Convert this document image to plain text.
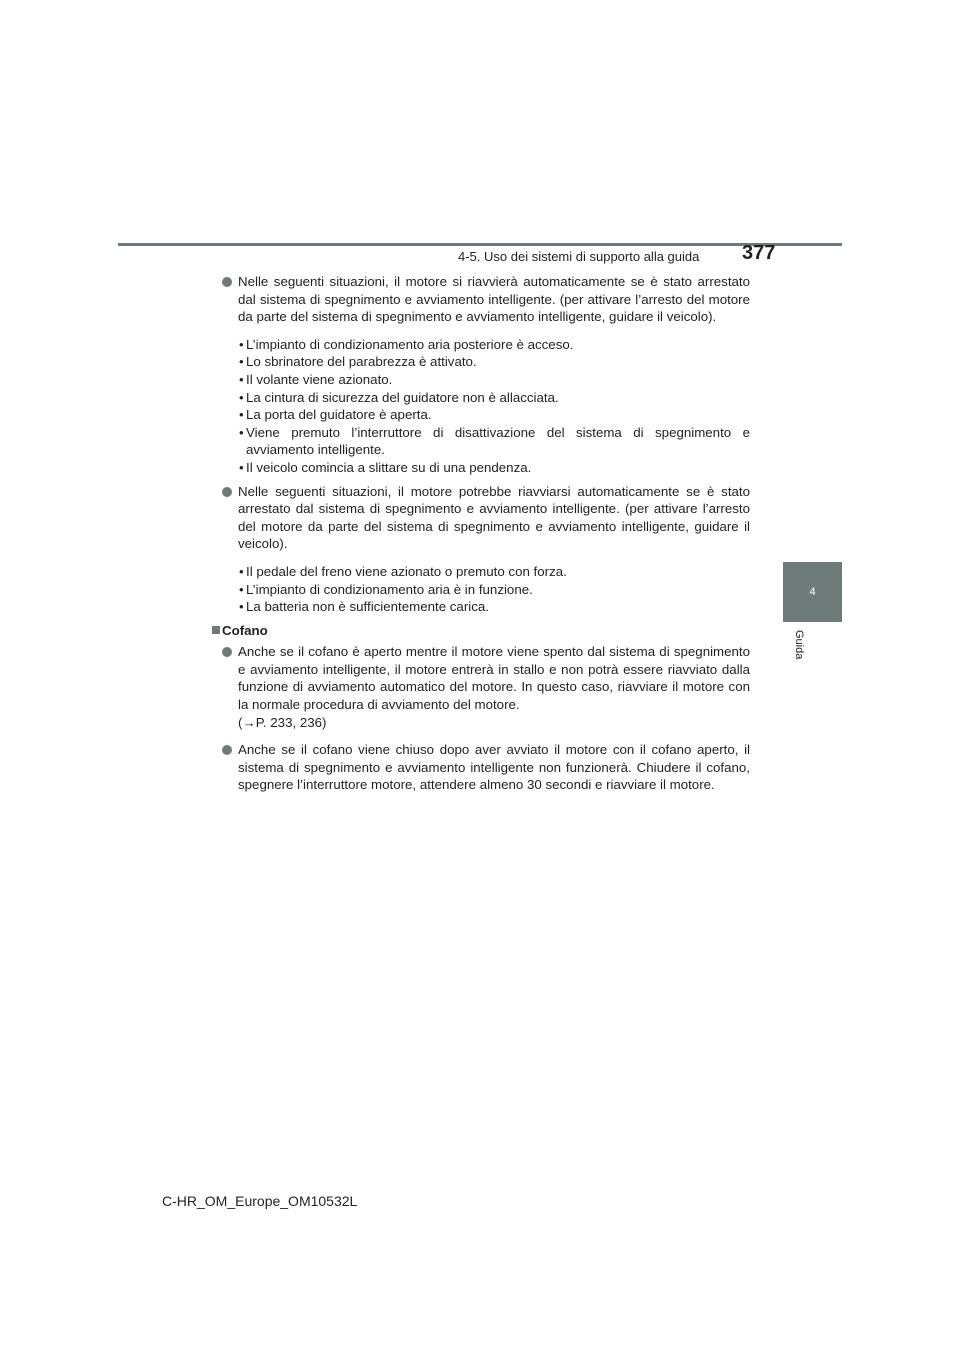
4-5. Uso dei sistemi di supporto alla guida 377
4
Guida

Nelle seguenti situazioni, il motore si riavvierà automaticamente se è stato arrestato dal sistema di spegnimento e avviamento intelligente. (per attivare l’arresto del motore da parte del sistema di spegnimento e avviamento intelligente, guidare il veicolo).

• L’impianto di condizionamento aria posteriore è acceso.
• Lo sbrinatore del parabrezza è attivato.
• Il volante viene azionato.
• La cintura di sicurezza del guidatore non è allacciata.
• La porta del guidatore è aperta.
• Viene premuto l’interruttore di disattivazione del sistema di spegnimento e avviamento intelligente.
• Il veicolo comincia a slittare su di una pendenza.

Nelle seguenti situazioni, il motore potrebbe riavviarsi automaticamente se è stato arrestato dal sistema di spegnimento e avviamento intelligente. (per attivare l’arresto del motore da parte del sistema di spegnimento e avviamento intelligente, guidare il veicolo).

• Il pedale del freno viene azionato o premuto con forza.
• L’impianto di condizionamento aria è in funzione.
• La batteria non è sufficientemente carica.
Cofano

Anche se il cofano è aperto mentre il motore viene spento dal sistema di spegnimento e avviamento intelligente, il motore entrerà in stallo e non potrà essere riavviato dalla funzione di avviamento automatico del motore. In questo caso, riavviare il motore con la normale procedura di avviamento del motore.
(→P. 233, 236)

Anche se il cofano viene chiuso dopo aver avviato il motore con il cofano aperto, il sistema di spegnimento e avviamento intelligente non funzionerà. Chiudere il cofano, spegnere l’interruttore motore, attendere almeno 30 secondi e riavviare il motore.

C-HR_OM_Europe_OM10532L
